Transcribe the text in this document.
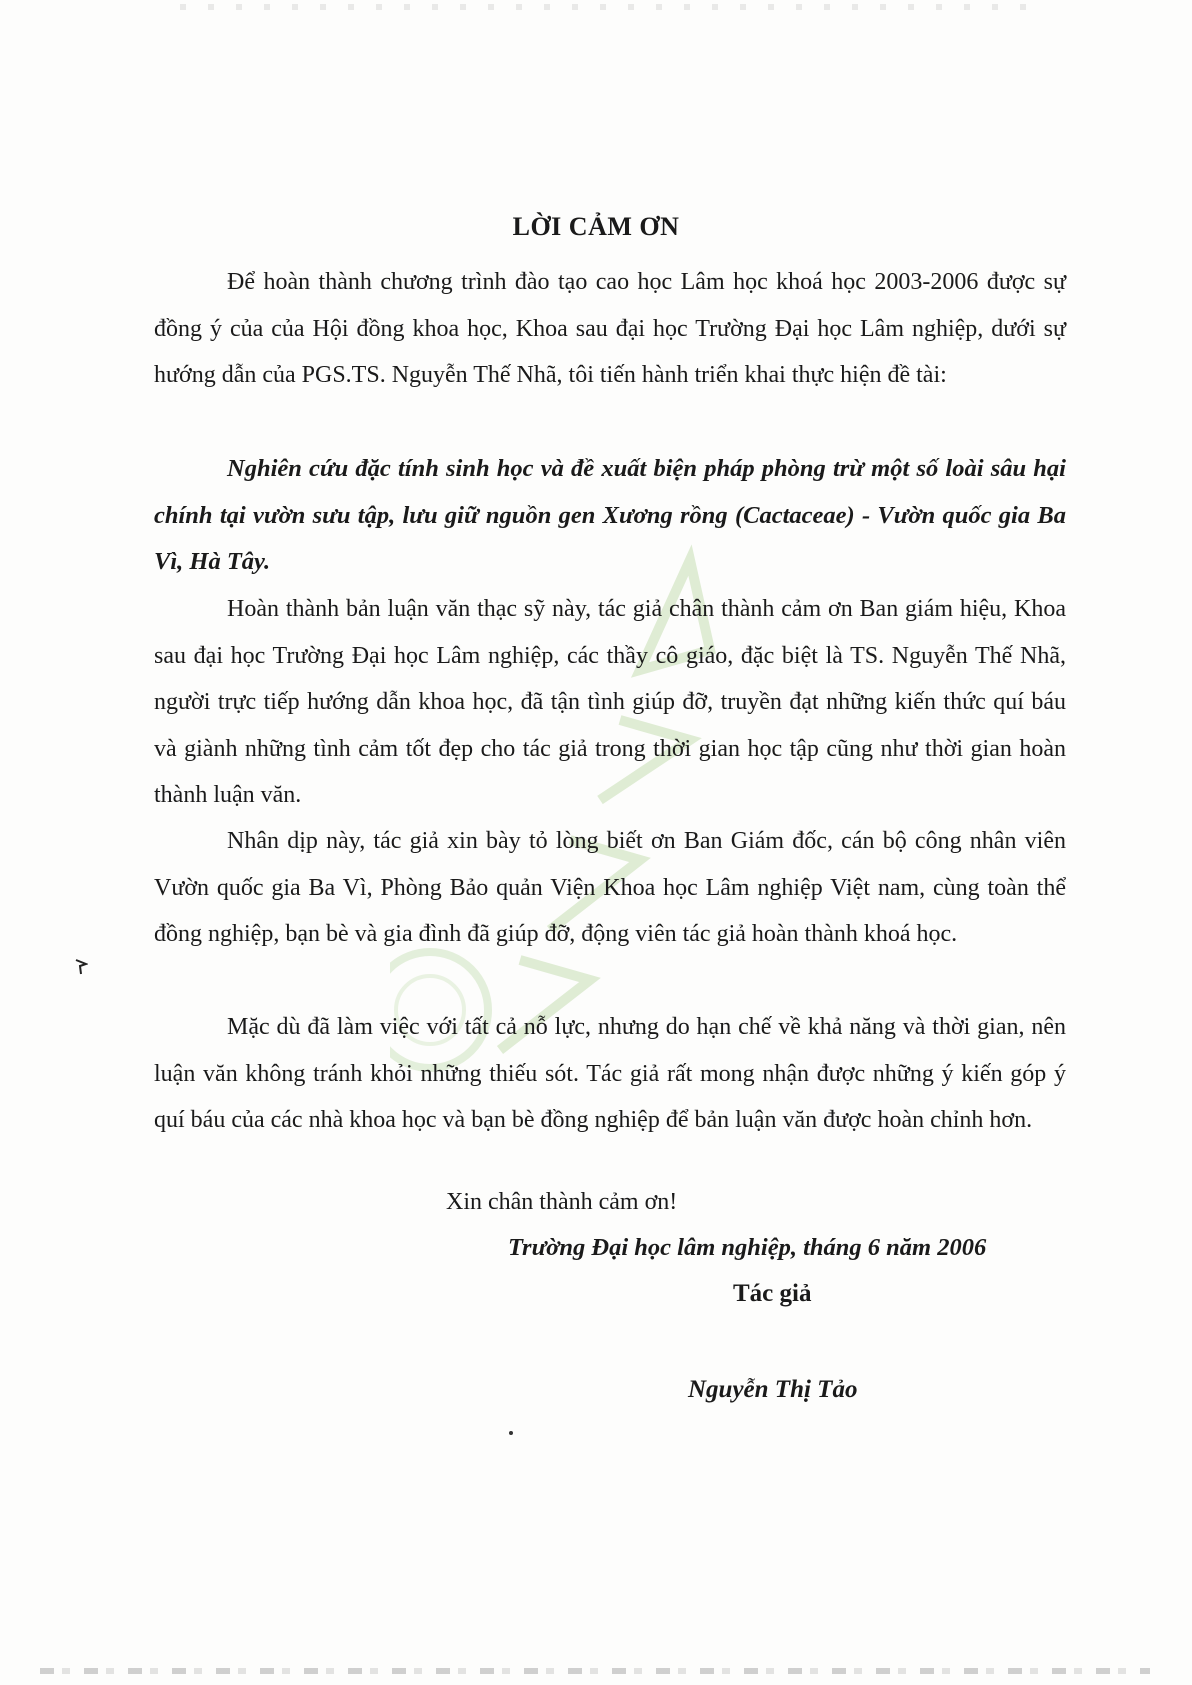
LỜI CẢM ƠN
Để hoàn thành chương trình đào tạo cao học Lâm học khoá học 2003-2006 được sự đồng ý của của Hội đồng khoa học, Khoa sau đại học Trường Đại học Lâm nghiệp, dưới sự hướng dẫn của PGS.TS. Nguyễn Thế Nhã, tôi tiến hành triển khai thực hiện đề tài:
Nghiên cứu đặc tính sinh học và đề xuất biện pháp phòng trừ một số loài sâu hại chính tại vườn sưu tập, lưu giữ nguồn gen Xương rồng (Cactaceae) - Vườn quốc gia Ba Vì, Hà Tây.
Hoàn thành bản luận văn thạc sỹ này, tác giả chân thành cảm ơn Ban giám hiệu, Khoa sau đại học Trường Đại học Lâm nghiệp, các thầy cô giáo, đặc biệt là TS. Nguyễn Thế Nhã, người trực tiếp hướng dẫn khoa học, đã tận tình giúp đỡ, truyền đạt những kiến thức quí báu và giành những tình cảm tốt đẹp cho tác giả trong thời gian học tập cũng như thời gian hoàn thành luận văn.
Nhân dịp này, tác giả xin bày tỏ lòng biết ơn Ban Giám đốc, cán bộ công nhân viên Vườn quốc gia Ba Vì, Phòng Bảo quản Viện Khoa học Lâm nghiệp Việt nam, cùng toàn thể đồng nghiệp, bạn bè và gia đình đã giúp đỡ, động viên tác giả hoàn thành khoá học.
Mặc dù đã làm việc với tất cả nỗ lực, nhưng do hạn chế về khả năng và thời gian, nên luận văn không tránh khỏi những thiếu sót. Tác giả rất mong nhận được những ý kiến góp ý quí báu của các nhà khoa học và bạn bè đồng nghiệp để bản luận văn được hoàn chỉnh hơn.
Xin chân thành cảm ơn!
Trường Đại học lâm nghiệp, tháng 6 năm 2006
Tác giả
Nguyễn Thị Tảo
